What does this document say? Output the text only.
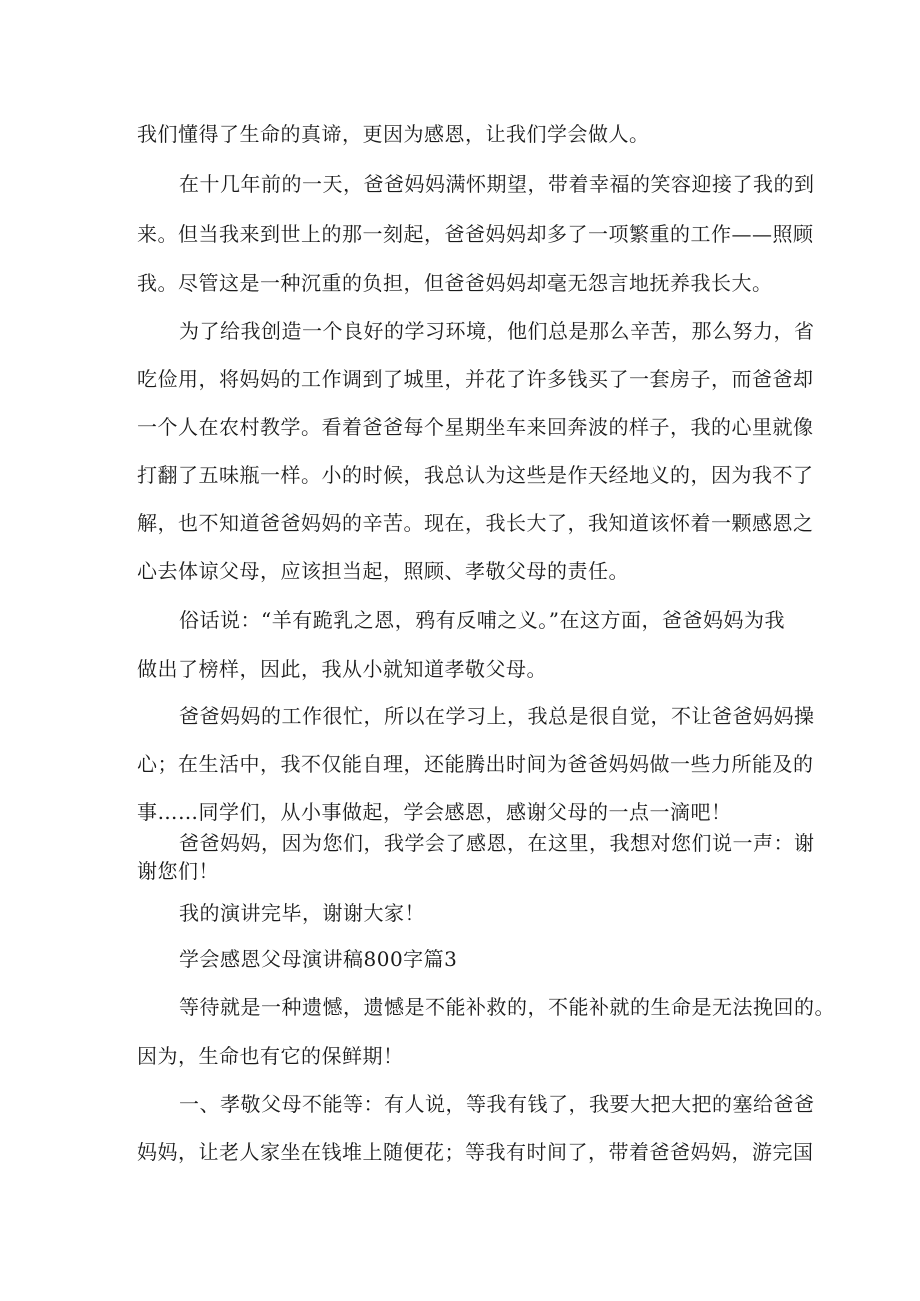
我们懂得了生命的真谛，更因为感恩，让我们学会做人。
在十几年前的一天，爸爸妈妈满怀期望，带着幸福的笑容迎接了我的到
来。但当我来到世上的那一刻起，爸爸妈妈却多了一项繁重的工作——照顾
我。尽管这是一种沉重的负担，但爸爸妈妈却毫无怨言地抚养我长大。
为了给我创造一个良好的学习环境，他们总是那么辛苦，那么努力，省
吃俭用，将妈妈的工作调到了城里，并花了许多钱买了一套房子，而爸爸却
一个人在农村教学。看着爸爸每个星期坐车来回奔波的样子，我的心里就像
打翻了五味瓶一样。小的时候，我总认为这些是作天经地义的，因为我不了
解，也不知道爸爸妈妈的辛苦。现在，我长大了，我知道该怀着一颗感恩之
心去体谅父母，应该担当起，照顾、孝敬父母的责任。
俗话说：“羊有跪乳之恩，鸦有反哺之义。”在这方面，爸爸妈妈为我
做出了榜样，因此，我从小就知道孝敬父母。
爸爸妈妈的工作很忙，所以在学习上，我总是很自觉，不让爸爸妈妈操
心；在生活中，我不仅能自理，还能腾出时间为爸爸妈妈做一些力所能及的
事……同学们，从小事做起，学会感恩，感谢父母的一点一滴吧！
爸爸妈妈，因为您们，我学会了感恩，在这里，我想对您们说一声：谢
谢您们！
我的演讲完毕，谢谢大家！
学会感恩父母演讲稿800字篇3
等待就是一种遗憾，遗憾是不能补救的，不能补就的生命是无法挽回的。
因为，生命也有它的保鲜期！
一、孝敬父母不能等：有人说，等我有钱了，我要大把大把的塞给爸爸
妈妈，让老人家坐在钱堆上随便花；等我有时间了，带着爸爸妈妈，游完国
